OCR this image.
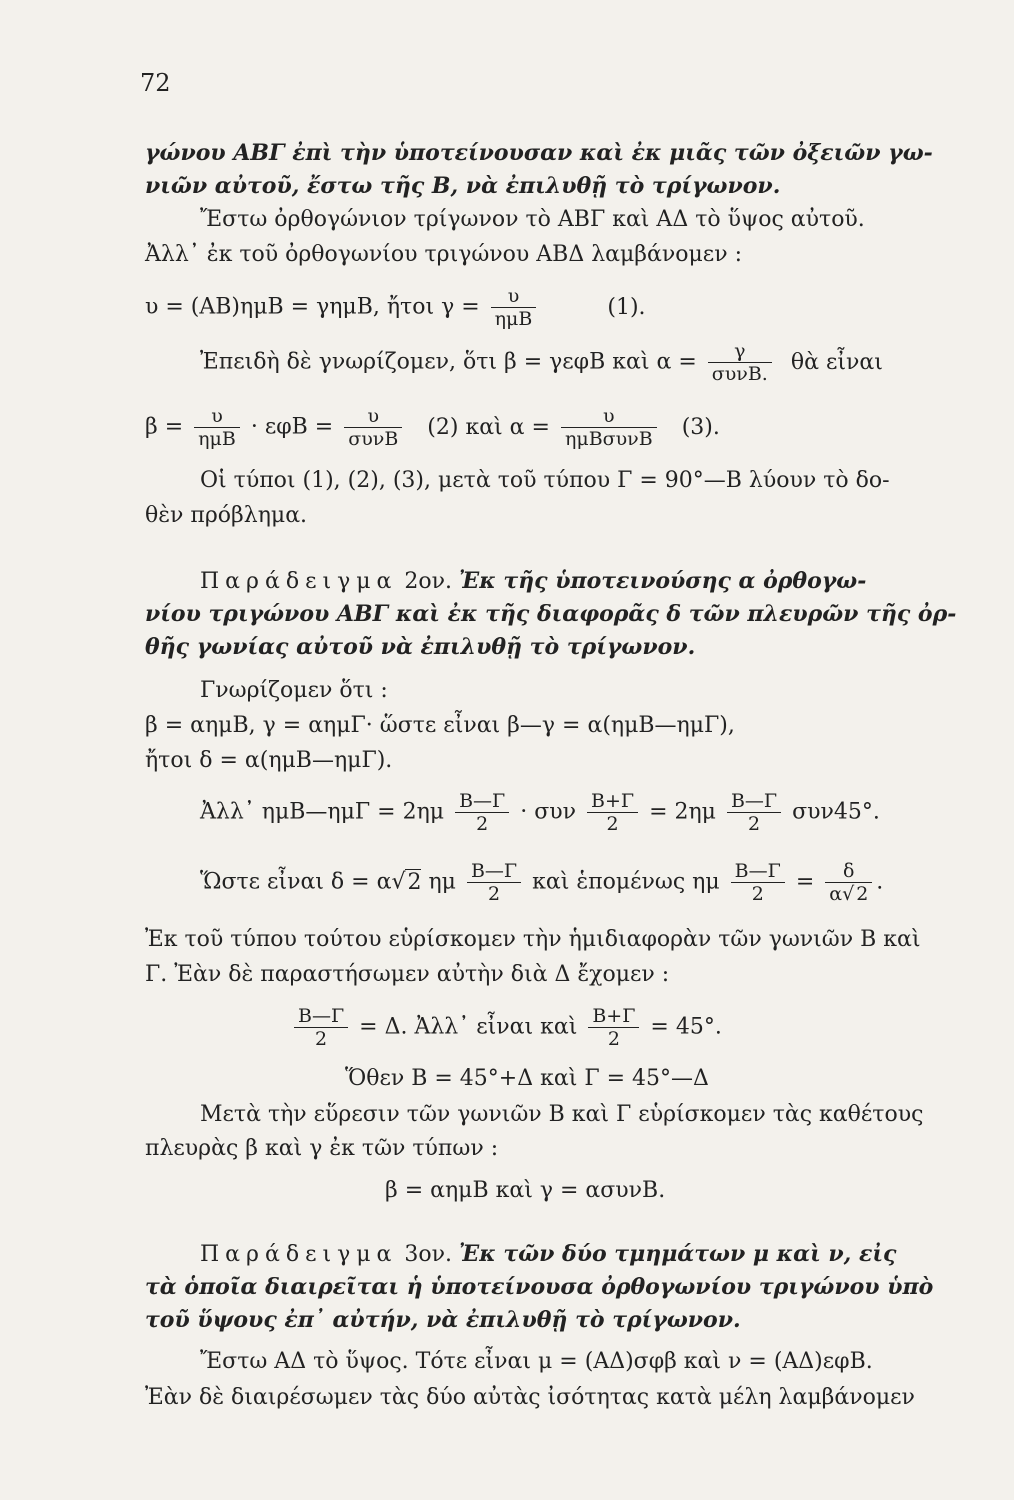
72
γώνου ΑΒΓ ἐπὶ τὴν ὑποτείνουσαν καὶ ἐκ μιᾶς τῶν ὀξειῶν γω-
νιῶν αὐτοῦ, ἔστω τῆς Β, νὰ ἐπιλυθῇ τὸ τρίγωνον.
Ἔστω ὀρθογώνιον τρίγωνον τὸ ΑΒΓ καὶ ΑΔ τὸ ὕψος αὐτοῦ.
Ἀλλ᾽ ἐκ τοῦ ὀρθογωνίου τριγώνου ΑΒΔ λαμβάνομεν :
υ = (ΑΒ)ημΒ = γημΒ, ἤτοι $\gamma = \frac{\upsilon}{\text{ημΒ}}$	(1).
Ἐπειδὴ δὲ γνωρίζομεν, ὅτι β = γεφΒ καὶ $\alpha = \frac{\gamma}{\text{συνΒ.}}$ θὰ εἶναι
$\beta = \frac{\upsilon}{\text{ημΒ}} \cdot \varepsilon\varphi B = \frac{\upsilon}{\text{συνΒ}} (2)$ καὶ $\alpha = \frac{\upsilon}{\text{ημΒσυνΒ}} (3)$.
Οἱ τύποι (1), (2), (3), μετὰ τοῦ τύπου Γ = 90°—Β λύουν τὸ δο-
θὲν πρόβλημα.
Παράδειγμα 2ον. Ἐκ τῆς ὑποτεινούσης α ὀρθογω-
νίου τριγώνου ΑΒΓ καὶ ἐκ τῆς διαφορᾶς δ τῶν πλευρῶν τῆς ὀρ-
θῆς γωνίας αὐτοῦ νὰ ἐπιλυθῇ τὸ τρίγωνον.
Γνωρίζομεν ὅτι :
β = αημΒ, γ = αημΓ· ὥστε εἶναι β—γ = α(ημΒ—ημΓ),
ἤτοι δ = α(ημΒ—ημΓ).
Ἀλλ᾽ ημΒ—ημΓ = $2\eta\mu \frac{B—\Gamma}{2} \cdot \sigma\upsilon\nu \frac{B+\Gamma}{2} = 2\eta\mu \frac{B—\Gamma}{2} \sigma\upsilon\nu 45^\circ$.
Ὥστε εἶναι δ = α√2 ημ $\frac{B—\Gamma}{2}$ καὶ ἑπομένως ημ $\frac{B—\Gamma}{2} = \frac{\delta}{\alpha√ 2}$ .
Ἐκ τοῦ τύπου τούτου εὑρίσκομεν τὴν ἡμιδιαφορὰν τῶν γωνιῶν Β καὶ
Γ. Ἐὰν δὲ παραστήσωμεν αὐτὴν διὰ Δ ἔχομεν :
$\frac{B—\Gamma}{2} = \Delta$. Ἀλλ᾽ εἶναι καὶ $\frac{B+\Gamma}{2} = 45^\circ$.
Ὅθεν Β = 45°+Δ καὶ Γ = 45°—Δ
Μετὰ τὴν εὕρεσιν τῶν γωνιῶν Β καὶ Γ εὑρίσκομεν τὰς καθέτους
πλευρὰς β καὶ γ ἐκ τῶν τύπων :
β = αημΒ καὶ γ = ασυνΒ.
Παράδειγμα 3ον. Ἐκ τῶν δύο τμημάτων μ καὶ ν, εἰς
τὰ ὁποῖα διαιρεῖται ἡ ὑποτείνουσα ὀρθογωνίου τριγώνου ὑπὸ
τοῦ ὕψους ἐπ᾽ αὐτήν, νὰ ἐπιλυθῇ τὸ τρίγωνον.
Ἔστω ΑΔ τὸ ὕψος. Τότε εἶναι μ = (ΑΔ)σφβ καὶ ν = (ΑΔ)εφΒ.
Ἐὰν δὲ διαιρέσωμεν τὰς δύο αὐτὰς ἰσότητας κατὰ μέλη λαμβάνομεν
